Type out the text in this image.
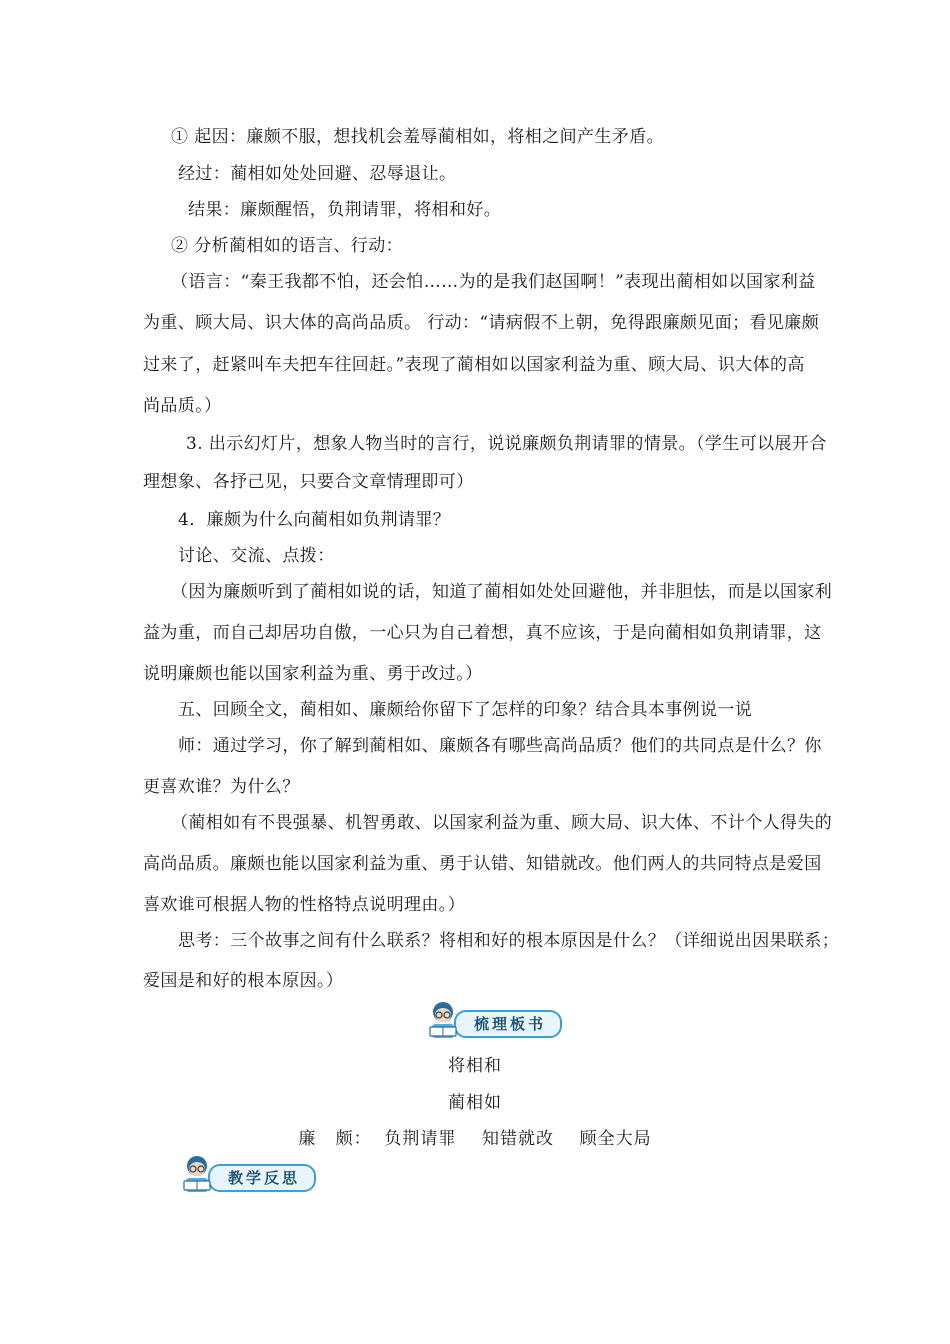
① 起因：廉颇不服，想找机会羞辱蔺相如，将相之间产生矛盾。
经过：蔺相如处处回避、忍辱退让。
结果：廉颇醒悟，负荆请罪，将相和好。
② 分析蔺相如的语言、行动：
（语言：“秦王我都不怕，还会怕……为的是我们赵国啊！”表现出蔺相如以国家利益
为重、顾大局、识大体的高尚品质。 行动：“请病假不上朝，免得跟廉颇见面；看见廉颇
过来了，赶紧叫车夫把车往回赶。”表现了蔺相如以国家利益为重、顾大局、识大体的高
尚品质。）
3. 出示幻灯片，想象人物当时的言行，说说廉颇负荆请罪的情景。（学生可以展开合
理想象、各抒己见，只要合文章情理即可）
4．廉颇为什么向蔺相如负荆请罪？
讨论、交流、点拨：
（因为廉颇听到了蔺相如说的话，知道了蔺相如处处回避他，并非胆怯，而是以国家利
益为重，而自己却居功自傲，一心只为自己着想，真不应该，于是向蔺相如负荆请罪，这
说明廉颇也能以国家利益为重、勇于改过。）
五、回顾全文，蔺相如、廉颇给你留下了怎样的印象？结合具本事例说一说
师：通过学习，你了解到蔺相如、廉颇各有哪些高尚品质？他们的共同点是什么？你
更喜欢谁？为什么？
（蔺相如有不畏强暴、机智勇敢、以国家利益为重、顾大局、识大体、不计个人得失的
高尚品质。廉颇也能以国家利益为重、勇于认错、知错就改。他们两人的共同特点是爱国
喜欢谁可根据人物的性格特点说明理由。）
思考：三个故事之间有什么联系？将相和好的根本原因是什么？（详细说出因果联系；
爱国是和好的根本原因。）
梳理板书
将相和
蔺相如
廉   颇：  负荆请罪    知错就改    顾全大局
教学反思
